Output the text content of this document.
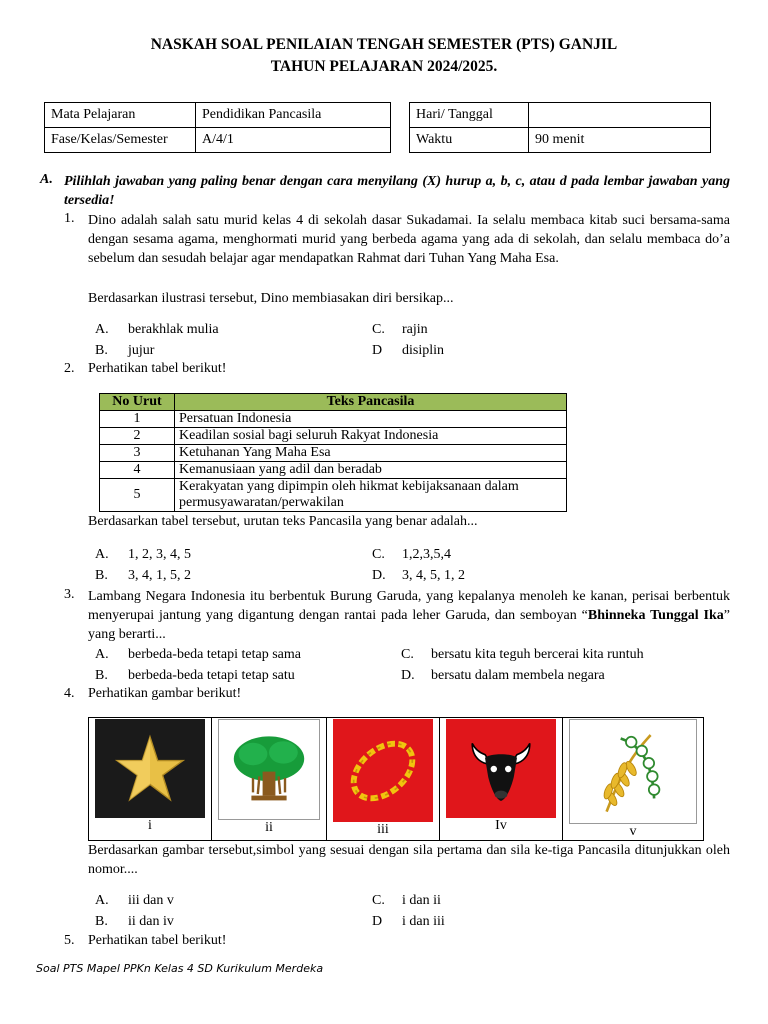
NASKAH SOAL PENILAIAN TENGAH SEMESTER (PTS) GANJIL
TAHUN PELAJARAN 2024/2025.
Mata Pelajaran	Pendidikan Pancasila
Fase/Kelas/Semester	A/4/1
Hari/ Tanggal	
Waktu	90 menit
A. Pilihlah jawaban yang paling benar dengan cara menyilang (X) hurup a, b, c, atau d pada lembar jawaban yang tersedia!
1. Dino adalah salah satu murid kelas 4 di sekolah dasar Sukadamai. Ia selalu membaca kitab suci bersama-sama dengan sesama agama, menghormati murid yang berbeda agama yang ada di sekolah, dan selalu membaca do’a sebelum dan sesudah belajar agar mendapatkan Rahmat dari Tuhan Yang Maha Esa.
Berdasarkan ilustrasi tersebut, Dino membiasakan diri bersikap...
A. berakhlak mulia
B. jujur
C. rajin
D disiplin
2. Perhatikan tabel berikut!
No Urut	Teks Pancasila
1	Persatuan Indonesia
2	Keadilan sosial bagi seluruh Rakyat Indonesia
3	Ketuhanan Yang Maha Esa
4	Kemanusiaan yang adil dan beradab
5	Kerakyatan yang dipimpin oleh hikmat kebijaksanaan dalam permusyawaratan/perwakilan
Berdasarkan tabel tersebut, urutan teks Pancasila yang benar adalah...
A. 1, 2, 3, 4, 5
B. 3, 4, 1, 5, 2
C. 1,2,3,5,4
D. 3, 4, 5, 1, 2
3. Lambang Negara Indonesia itu berbentuk Burung Garuda, yang kepalanya menoleh ke kanan, perisai berbentuk menyerupai jantung yang digantung dengan rantai pada leher Garuda, dan semboyan “Bhinneka Tunggal Ika” yang berarti...
A. berbeda-beda tetapi tetap sama
B. berbeda-beda tetapi tetap satu
C. bersatu kita teguh bercerai kita runtuh
D. bersatu dalam membela negara
4. Perhatikan gambar berikut!
i	ii	iii	Iv	v
Berdasarkan gambar tersebut,simbol yang sesuai dengan sila pertama dan sila ke-tiga Pancasila ditunjukkan oleh nomor....
A. iii dan v
B. ii dan iv
C. i dan ii
D i dan iii
5. Perhatikan tabel berikut!
Soal PTS Mapel PPKn Kelas 4 SD Kurikulum Merdeka
